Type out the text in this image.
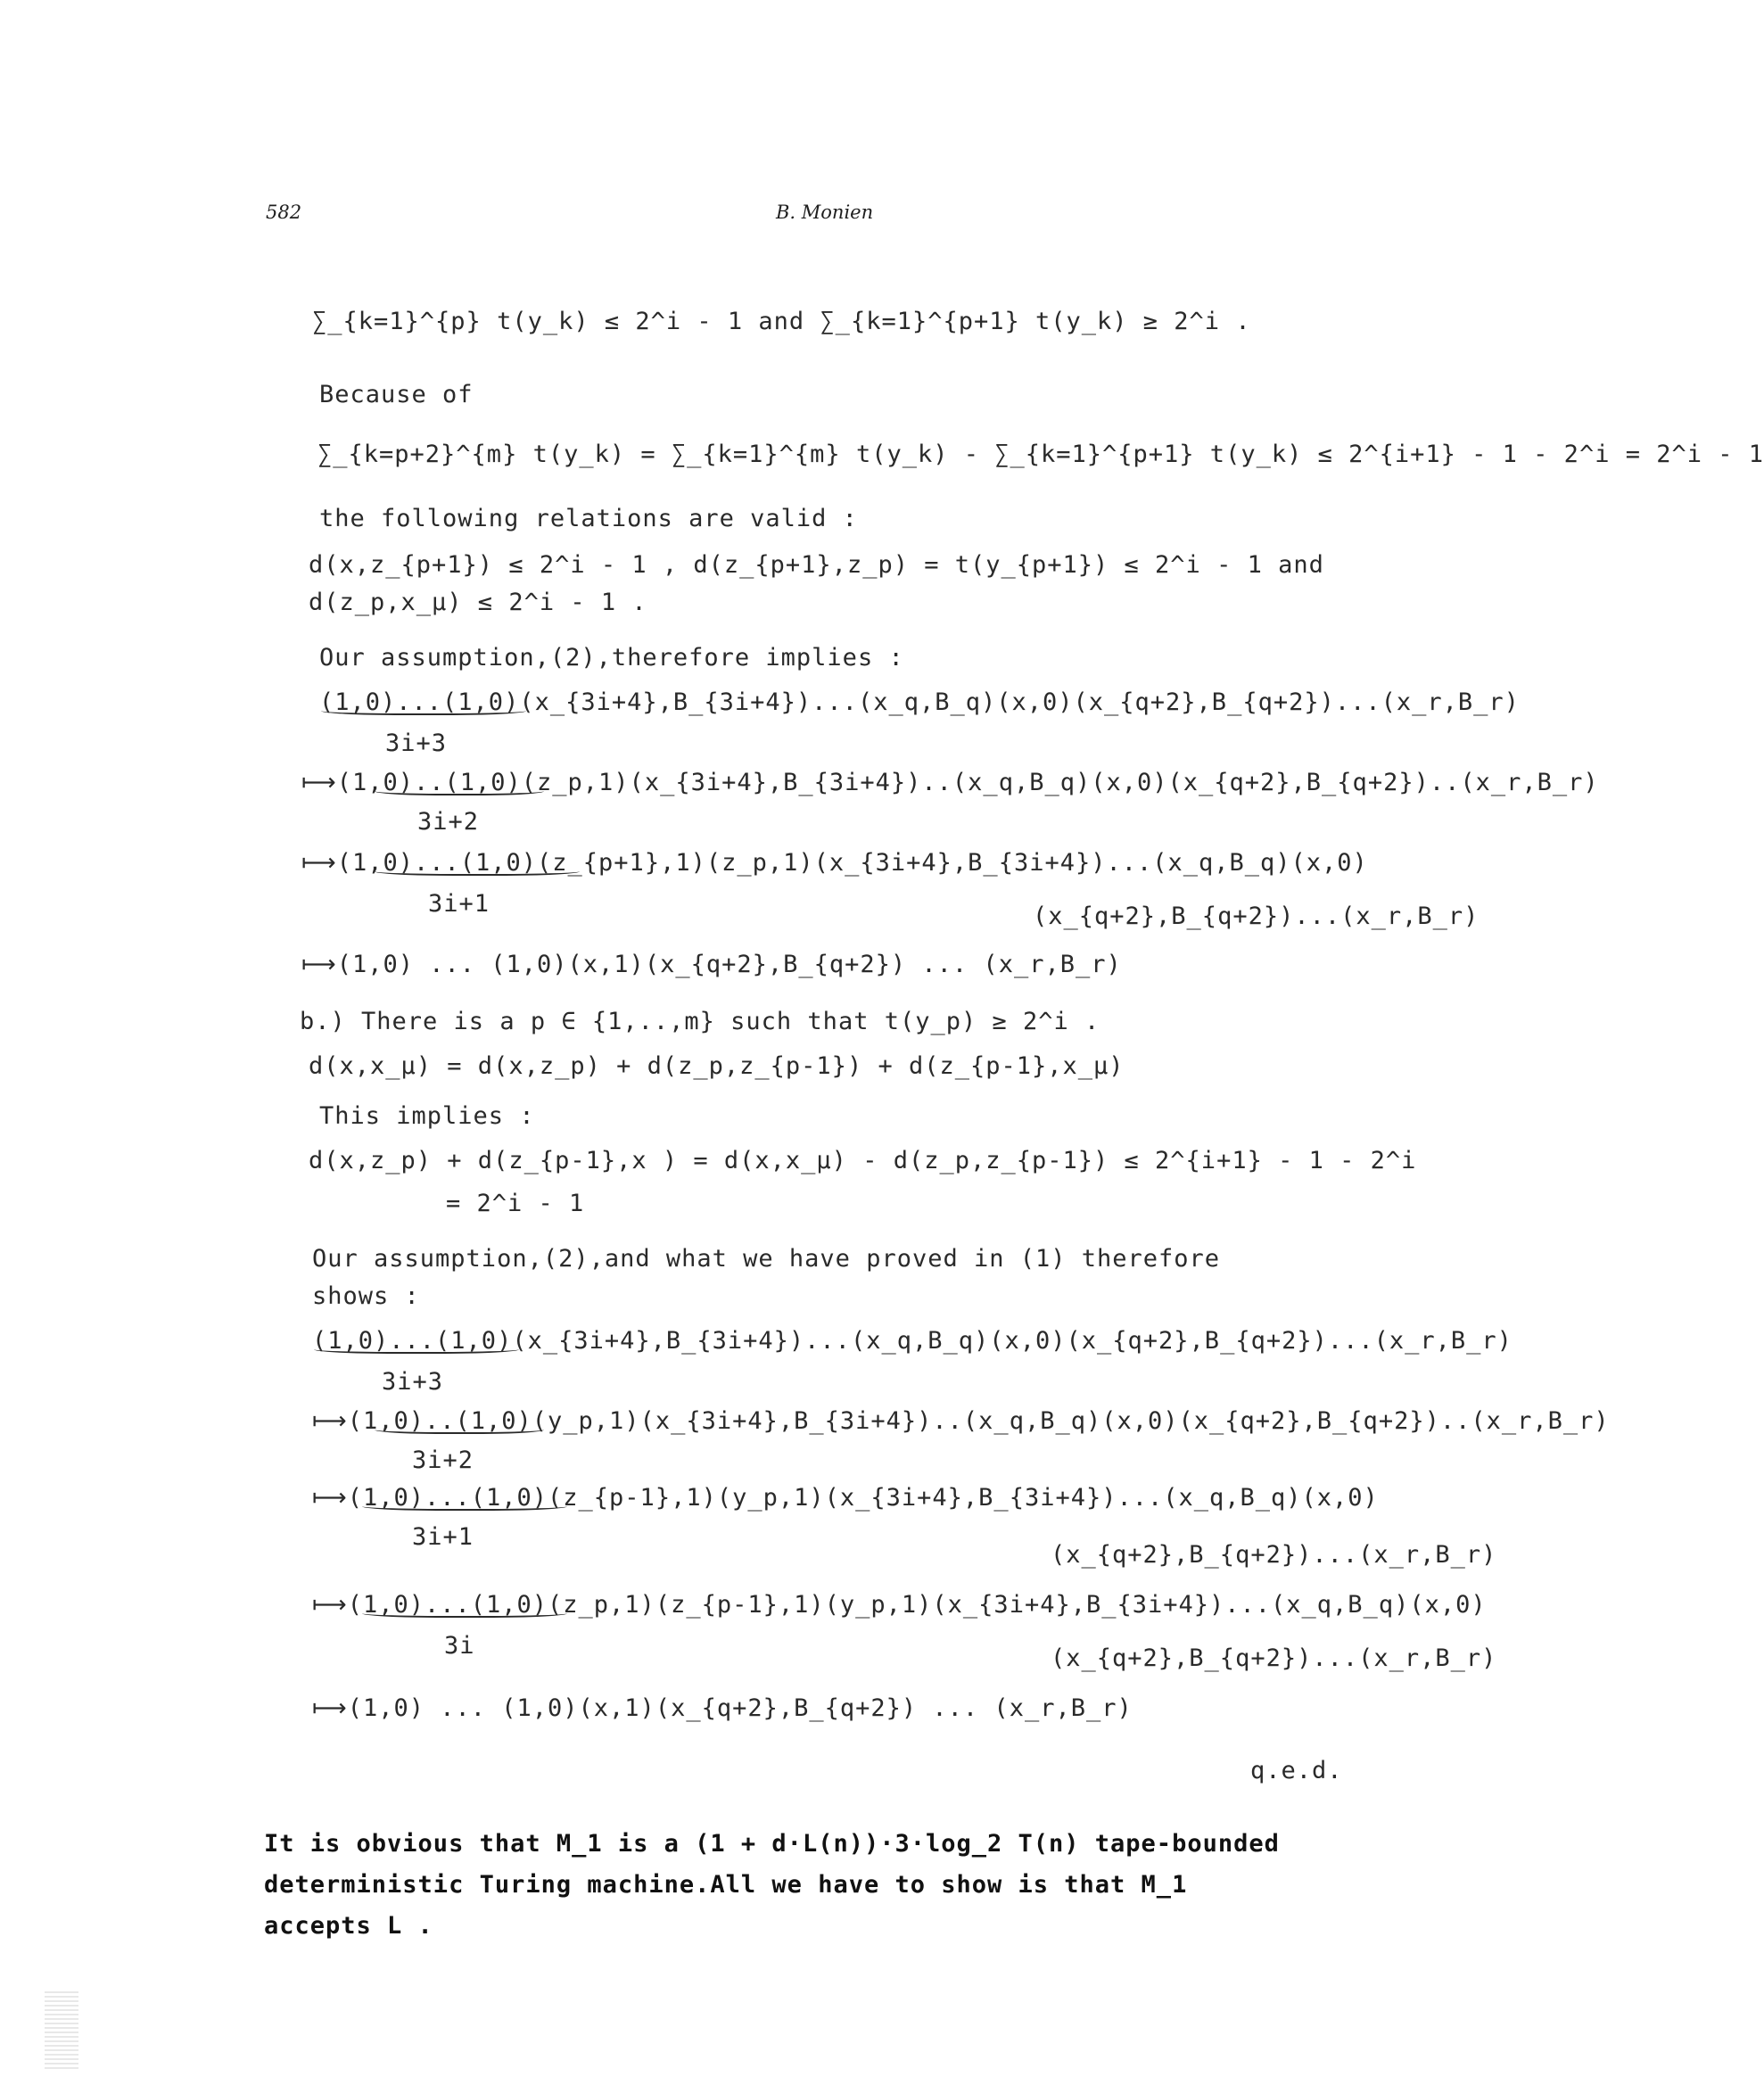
582	B. Monien
∑_{k=1}^{p} t(y_k) ≤ 2^i - 1 and ∑_{k=1}^{p+1} t(y_k) ≥ 2^i .
Because of
∑_{k=p+2}^{m} t(y_k) = ∑_{k=1}^{m} t(y_k) - ∑_{k=1}^{p+1} t(y_k) ≤ 2^{i+1} - 1 - 2^i = 2^i - 1
the following relations are valid :
d(x,z_{p+1}) ≤ 2^i - 1 , d(z_{p+1},z_p) = t(y_{p+1}) ≤ 2^i - 1 and
d(z_p,x_μ) ≤ 2^i - 1 .
Our assumption,(2),therefore implies :
(1,0)...(1,0)(x_{3i+4},B_{3i+4})...(x_q,B_q)(x,0)(x_{q+2},B_{q+2})...(x_r,B_r)
3i+3
⟼(1,0)..(1,0)(z_p,1)(x_{3i+4},B_{3i+4})..(x_q,B_q)(x,0)(x_{q+2},B_{q+2})..(x_r,B_r)
3i+2
⟼(1,0)...(1,0)(z_{p+1},1)(z_p,1)(x_{3i+4},B_{3i+4})...(x_q,B_q)(x,0)
3i+1	(x_{q+2},B_{q+2})...(x_r,B_r)
⟼(1,0) ... (1,0)(x,1)(x_{q+2},B_{q+2}) ... (x_r,B_r)
b.) There is a p ∈ {1,..,m} such that t(y_p) ≥ 2^i .
d(x,x_μ) = d(x,z_p) + d(z_p,z_{p-1}) + d(z_{p-1},x_μ)
This implies :
d(x,z_p) + d(z_{p-1},x ) = d(x,x_μ) - d(z_p,z_{p-1}) ≤ 2^{i+1} - 1 - 2^i
= 2^i - 1
Our assumption,(2),and what we have proved in (1) therefore
shows :
(1,0)...(1,0)(x_{3i+4},B_{3i+4})...(x_q,B_q)(x,0)(x_{q+2},B_{q+2})...(x_r,B_r)
3i+3
⟼(1,0)..(1,0)(y_p,1)(x_{3i+4},B_{3i+4})..(x_q,B_q)(x,0)(x_{q+2},B_{q+2})..(x_r,B_r)
3i+2
⟼(1,0)...(1,0)(z_{p-1},1)(y_p,1)(x_{3i+4},B_{3i+4})...(x_q,B_q)(x,0)
3i+1
(x_{q+2},B_{q+2})...(x_r,B_r)
⟼(1,0)...(1,0)(z_p,1)(z_{p-1},1)(y_p,1)(x_{3i+4},B_{3i+4})...(x_q,B_q)(x,0)
3i	(x_{q+2},B_{q+2})...(x_r,B_r)
⟼(1,0) ... (1,0)(x,1)(x_{q+2},B_{q+2}) ... (x_r,B_r)
q.e.d.
It is obvious that M_1 is a (1 + d·L(n))·3·log_2 T(n) tape-bounded
deterministic Turing machine.All we have to show is that M_1
accepts L .
